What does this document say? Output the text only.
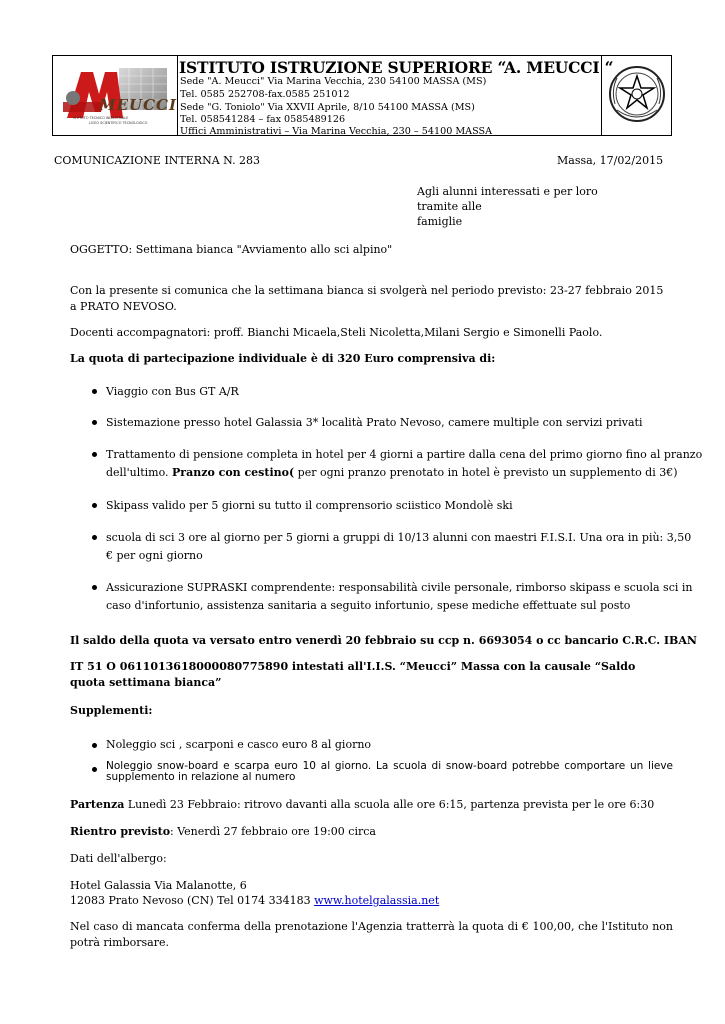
MEUCCI
ISTITUTO TECNICO INDUSTRIALE
LICEO SCIENTIFICO TECNOLOGICO
ISTITUTO ISTRUZIONE SUPERIORE “A. MEUCCI “
Sede "A. Meucci" Via Marina Vecchia, 230 54100 MASSA (MS)
Tel. 0585 252708-fax.0585 251012
Sede "G. Toniolo" Via XXVII Aprile, 8/10 54100 MASSA (MS)
Tel. 058541284 – fax 0585489126
Uffici Amministrativi – Via Marina Vecchia, 230 – 54100 MASSA
COMUNICAZIONE INTERNA N. 283	Massa, 17/02/2015
Agli alunni interessati e per loro
tramite alle
famiglie
OGGETTO: Settimana bianca "Avviamento allo sci alpino"
Con la presente si comunica che la settimana bianca si svolgerà nel periodo previsto: 23-27 febbraio 2015 a PRATO NEVOSO.
Docenti accompagnatori: proff. Bianchi Micaela,Steli Nicoletta,Milani Sergio e Simonelli Paolo.
La quota di partecipazione individuale è di 320 Euro comprensiva di:
Viaggio con Bus GT A/R
Sistemazione presso hotel Galassia 3* località Prato Nevoso, camere multiple con servizi privati
Trattamento di pensione completa in hotel per 4 giorni a partire dalla cena del primo giorno fino al pranzo
dell'ultimo. Pranzo con cestino( per ogni pranzo prenotato in hotel è previsto un supplemento di 3€)
Skipass valido per 5 giorni su tutto il comprensorio sciistico Mondolè ski
scuola di sci 3 ore al giorno per 5 giorni a gruppi di 10/13 alunni con maestri F.I.S.I. Una ora in più: 3,50
€ per ogni giorno
Assicurazione SUPRASKI comprendente: responsabilità civile personale, rimborso skipass e scuola sci in
caso d'infortunio, assistenza sanitaria a seguito infortunio, spese mediche effettuate sul posto
Il saldo della quota va versato entro venerdì 20 febbraio su ccp n. 6693054 o cc bancario C.R.C. IBAN
IT 51 O 0611013618000080775890 intestati all'I.I.S. “Meucci” Massa con la causale “Saldo quota settimana bianca”
Supplementi:
Noleggio sci , scarponi e casco euro 8 al giorno
Noleggio snow-board e scarpa euro 10 al giorno. La scuola di snow-board potrebbe comportare un lieve supplemento in relazione al numero
Partenza Lunedì 23 Febbraio: ritrovo davanti alla scuola alle ore 6:15, partenza prevista per le ore 6:30
Rientro previsto: Venerdì 27 febbraio ore 19:00 circa
Dati dell'albergo:
Hotel Galassia Via Malanotte, 6
12083 Prato Nevoso (CN) Tel 0174 334183 www.hotelgalassia.net
Nel caso di mancata conferma della prenotazione l'Agenzia tratterrà la quota di € 100,00, che l'Istituto non potrà rimborsare.
